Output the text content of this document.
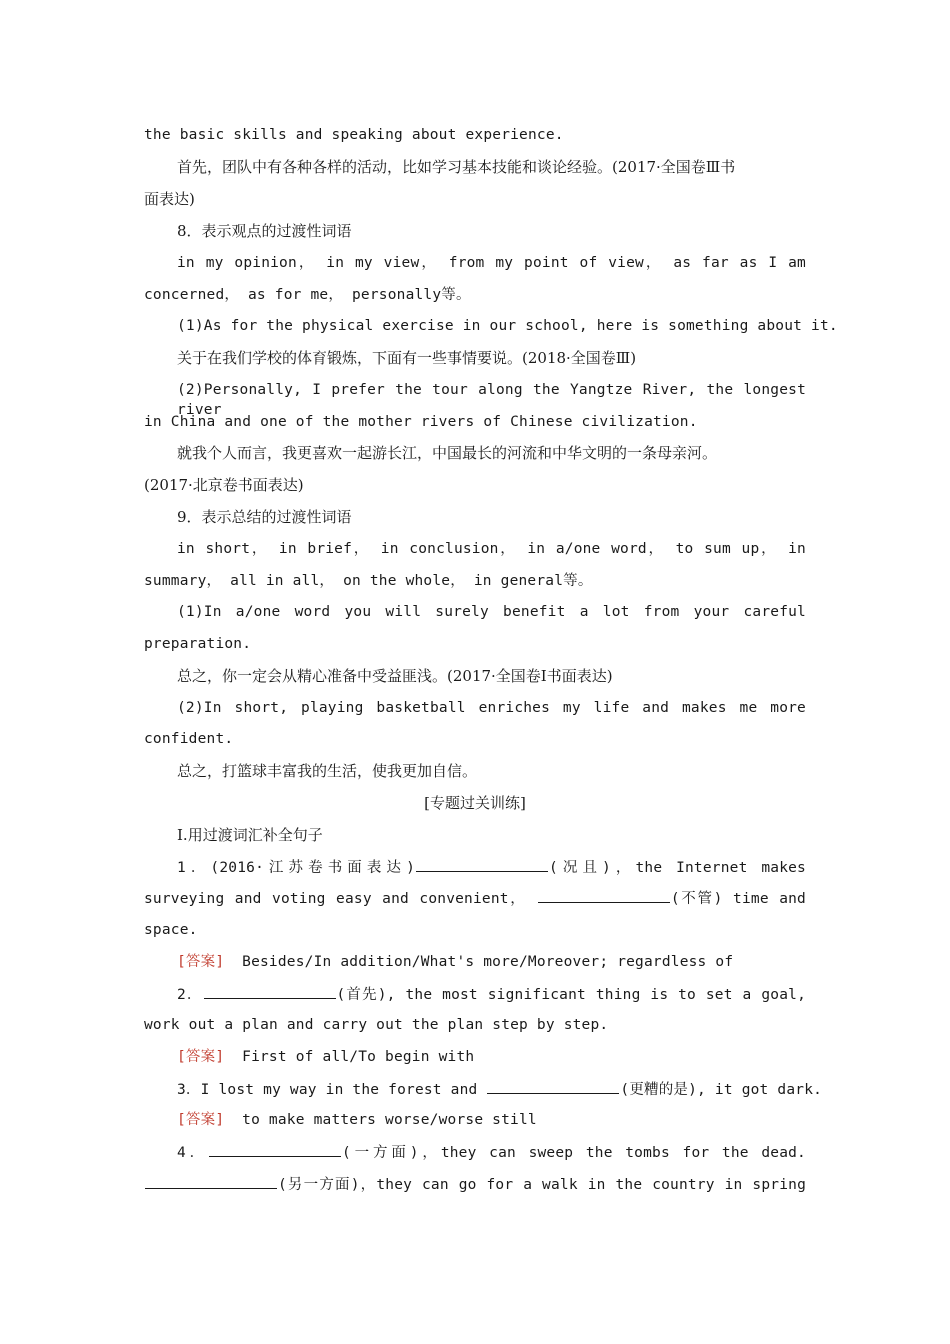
the basic skills and speaking about experience.
首先，团队中有各种各样的活动，比如学习基本技能和谈论经验。(2017·全国卷Ⅲ书
面表达)
8．表示观点的过渡性词语
in my opinion， in my view， from my point of view， as far as I am
concerned， as for me， personally等。
(1)As for the physical exercise in our school, here is something about it.
关于在我们学校的体育锻炼，下面有一些事情要说。(2018·全国卷Ⅲ)
(2)Personally, I prefer the tour along the Yangtze River, the longest river
in China and one of the mother rivers of Chinese civilization.
就我个人而言，我更喜欢一起游长江，中国最长的河流和中华文明的一条母亲河。
(2017·北京卷书面表达)
9．表示总结的过渡性词语
in short， in brief， in conclusion， in a/one word， to sum up， in
summary， all in all， on the whole， in general等。
(1)In a/one word you will surely benefit a lot from your careful
preparation.
总之，你一定会从精心准备中受益匪浅。(2017·全国卷Ⅰ书面表达)
(2)In short, playing basketball enriches my life and makes me more
confident.
总之，打篮球丰富我的生活，使我更加自信。
[专题过关训练]
Ⅰ.用过渡词汇补全句子
1．(2016·江苏卷书面表达)	(况且)，the Internet makes
surveying and voting easy and convenient，	(不管) time and
space.
[答案] Besides/In addition/What's more/Moreover; regardless of
2．	(首先), the most significant thing is to set a goal,
work out a plan and carry out the plan step by step.
[答案] First of all/To begin with
3．I lost my way in the forest and	(更糟的是), it got dark.
[答案] to make matters worse/worse still
4．	(一方面)，they can sweep the tombs for the dead.
(另一方面)，they can go for a walk in the country in spring
